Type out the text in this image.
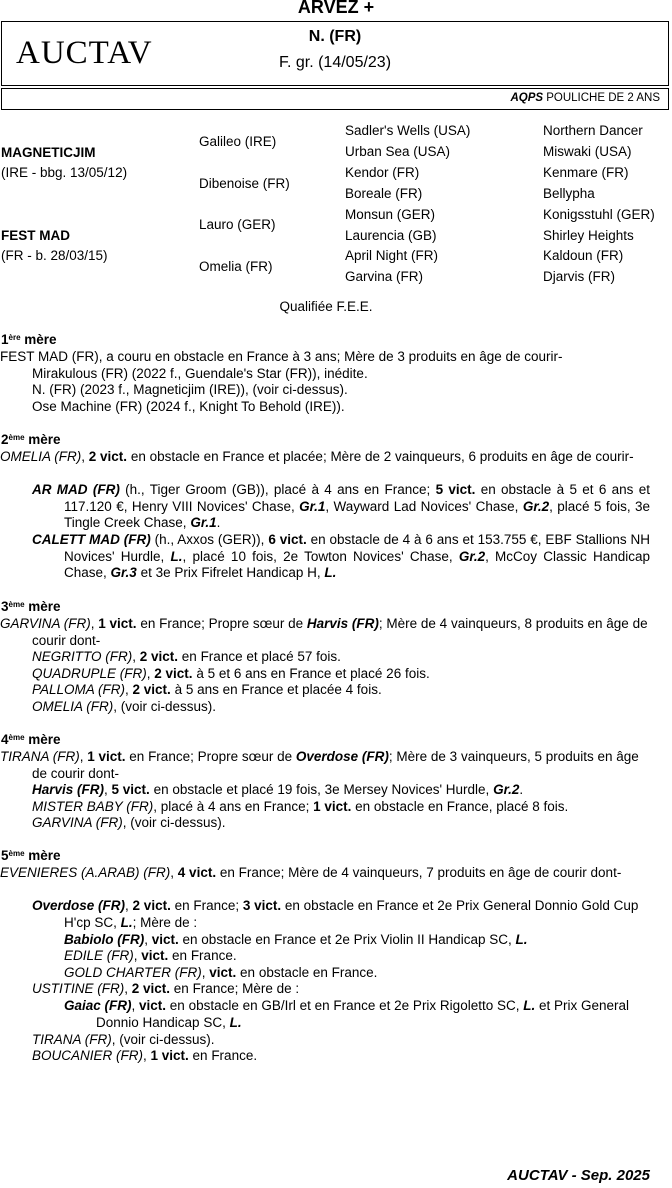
ARVEZ +
AUCTAV	N. (FR)
F. gr. (14/05/23)
AQPS POULICHE DE 2 ANS
MAGNETICJIM
(IRE - bbg. 13/05/12)
FEST MAD
(FR - b. 28/03/15)
Galileo (IRE)
Dibenoise (FR)
Lauro (GER)
Omelia (FR)
Sadler's Wells (USA)
Urban Sea (USA)
Kendor (FR)
Boreale (FR)
Monsun (GER)
Laurencia (GB)
April Night (FR)
Garvina (FR)
Northern Dancer
Miswaki (USA)
Kenmare (FR)
Bellypha
Konigsstuhl (GER)
Shirley Heights
Kaldoun (FR)
Djarvis (FR)
Qualifiée F.E.E.
1ère mère
FEST MAD (FR), a couru en obstacle en France à 3 ans; Mère de 3 produits en âge de courir-
Mirakulous (FR) (2022 f., Guendale's Star (FR)), inédite.
N. (FR) (2023 f., Magneticjim (IRE)), (voir ci-dessus).
Ose Machine (FR) (2024 f., Knight To Behold (IRE)).
2ème mère
OMELIA (FR), 2 vict. en obstacle en France et placée; Mère de 2 vainqueurs, 6 produits en âge de courir-
AR MAD (FR) (h., Tiger Groom (GB)), placé à 4 ans en France; 5 vict. en obstacle à 5 et 6 ans et 117.120 €, Henry VIII Novices' Chase, Gr.1, Wayward Lad Novices' Chase, Gr.2, placé 5 fois, 3e Tingle Creek Chase, Gr.1.
CALETT MAD (FR) (h., Axxos (GER)), 6 vict. en obstacle de 4 à 6 ans et 153.755 €, EBF Stallions NH Novices' Hurdle, L., placé 10 fois, 2e Towton Novices' Chase, Gr.2, McCoy Classic Handicap Chase, Gr.3 et 3e Prix Fifrelet Handicap H, L.
3ème mère
GARVINA (FR), 1 vict. en France; Propre sœur de Harvis (FR); Mère de 4 vainqueurs, 8 produits en âge de courir dont-
NEGRITTO (FR), 2 vict. en France et placé 57 fois.
QUADRUPLE (FR), 2 vict. à 5 et 6 ans en France et placé 26 fois.
PALLOMA (FR), 2 vict. à 5 ans en France et placée 4 fois.
OMELIA (FR), (voir ci-dessus).
4ème mère
TIRANA (FR), 1 vict. en France; Propre sœur de Overdose (FR); Mère de 3 vainqueurs, 5 produits en âge de courir dont-
Harvis (FR), 5 vict. en obstacle et placé 19 fois, 3e Mersey Novices' Hurdle, Gr.2.
MISTER BABY (FR), placé à 4 ans en France; 1 vict. en obstacle en France, placé 8 fois.
GARVINA (FR), (voir ci-dessus).
5ème mère
EVENIERES (A.ARAB) (FR), 4 vict. en France; Mère de 4 vainqueurs, 7 produits en âge de courir dont-
Overdose (FR), 2 vict. en France; 3 vict. en obstacle en France et 2e Prix General Donnio Gold Cup H'cp SC, L.; Mère de :
Babiolo (FR), vict. en obstacle en France et 2e Prix Violin II Handicap SC, L.
EDILE (FR), vict. en France.
GOLD CHARTER (FR), vict. en obstacle en France.
USTITINE (FR), 2 vict. en France; Mère de :
Gaiac (FR), vict. en obstacle en GB/Irl et en France et 2e Prix Rigoletto SC, L. et Prix General Donnio Handicap SC, L.
TIRANA (FR), (voir ci-dessus).
BOUCANIER (FR), 1 vict. en France.
AUCTAV - Sep. 2025
